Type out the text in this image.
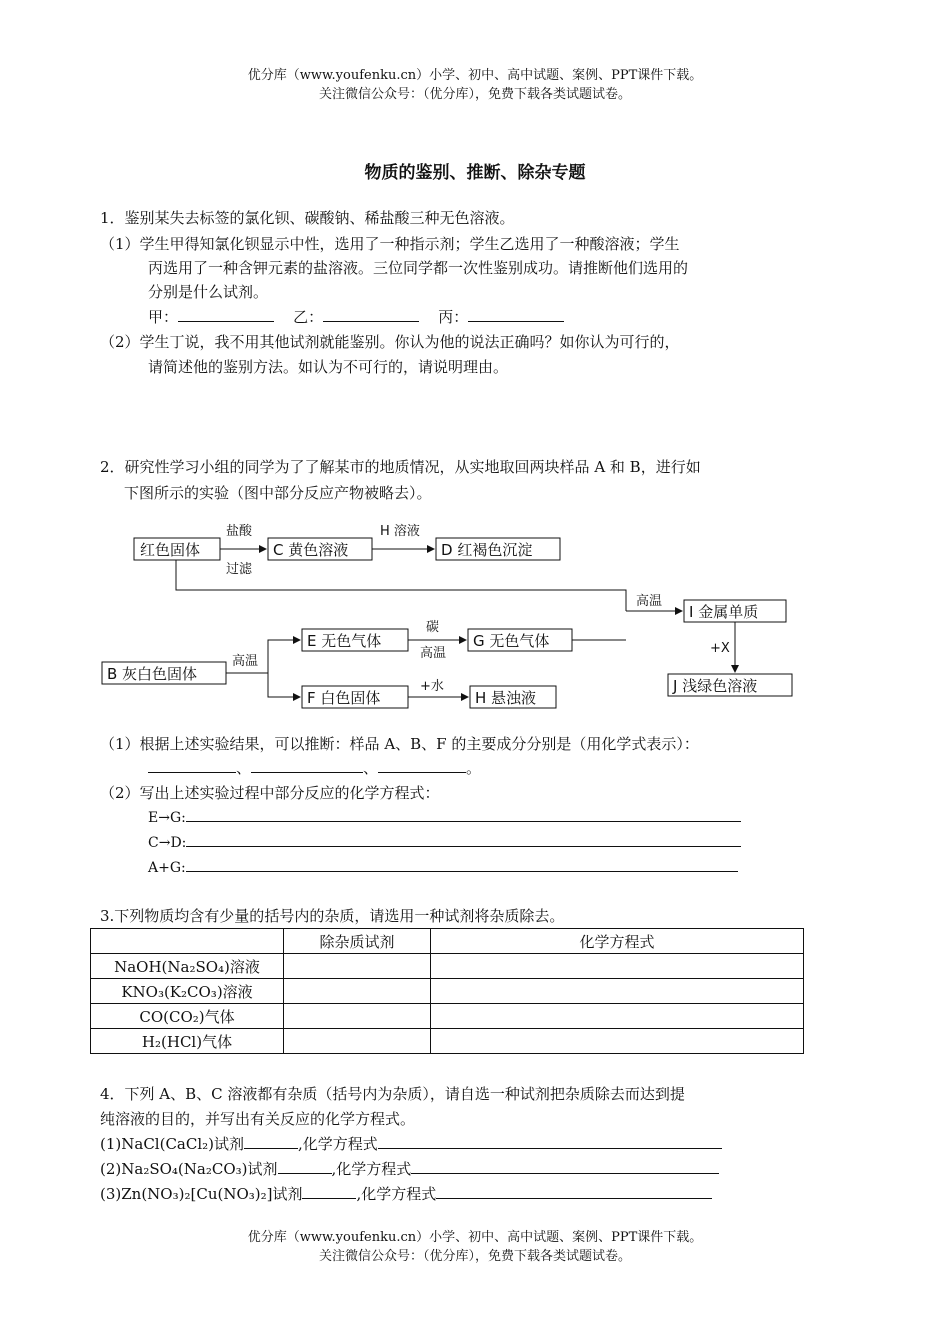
优分库（www.youfenku.cn）小学、初中、高中试题、案例、PPT课件下载。
关注微信公众号：（优分库），免费下载各类试题试卷。
物质的鉴别、推断、除杂专题
1．鉴别某失去标签的氯化钡、碳酸钠、稀盐酸三种无色溶液。
（1）学生甲得知氯化钡显示中性，选用了一种指示剂；学生乙选用了一种酸溶液；学生
丙选用了一种含钾元素的盐溶液。三位同学都一次性鉴别成功。请推断他们选用的
分别是什么试剂。
甲：	乙：	丙：
（2）学生丁说，我不用其他试剂就能鉴别。你认为他的说法正确吗？如你认为可行的，
请简述他的鉴别方法。如认为不可行的，请说明理由。
2．研究性学习小组的同学为了了解某市的地质情况，从实地取回两块样品 A 和 B，进行如
下图所示的实验（图中部分反应产物被略去）。
红色固体	C 黄色溶液	D 红褐色沉淀
I 金属单质
J 浅绿色溶液
B 灰白色固体
E 无色气体	G 无色气体
F 白色固体	H 悬浊液
盐酸
过滤
H 溶液
高温
碳
高温
高温
+X
+水
（1）根据上述实验结果，可以推断：样品 A、B、F 的主要成分分别是（用化学式表示）：
、	、	。
（2）写出上述实验过程中部分反应的化学方程式：
E→G:
C→D:
A+G:
3.下列物质均含有少量的括号内的杂质，请选用一种试剂将杂质除去。
	除杂质试剂	化学方程式
NaOH(Na₂SO₄)溶液		
KNO₃(K₂CO₃)溶液		
CO(CO₂)气体		
H₂(HCl)气体		
4．下列 A、B、C 溶液都有杂质（括号内为杂质），请自选一种试剂把杂质除去而达到提
纯溶液的目的，并写出有关反应的化学方程式。
(1)NaCl(CaCl₂)试剂	,化学方程式
(2)Na₂SO₄(Na₂CO₃)试剂	,化学方程式
(3)Zn(NO₃)₂[Cu(NO₃)₂]试剂	,化学方程式
优分库（www.youfenku.cn）小学、初中、高中试题、案例、PPT课件下载。
关注微信公众号：（优分库），免费下载各类试题试卷。
